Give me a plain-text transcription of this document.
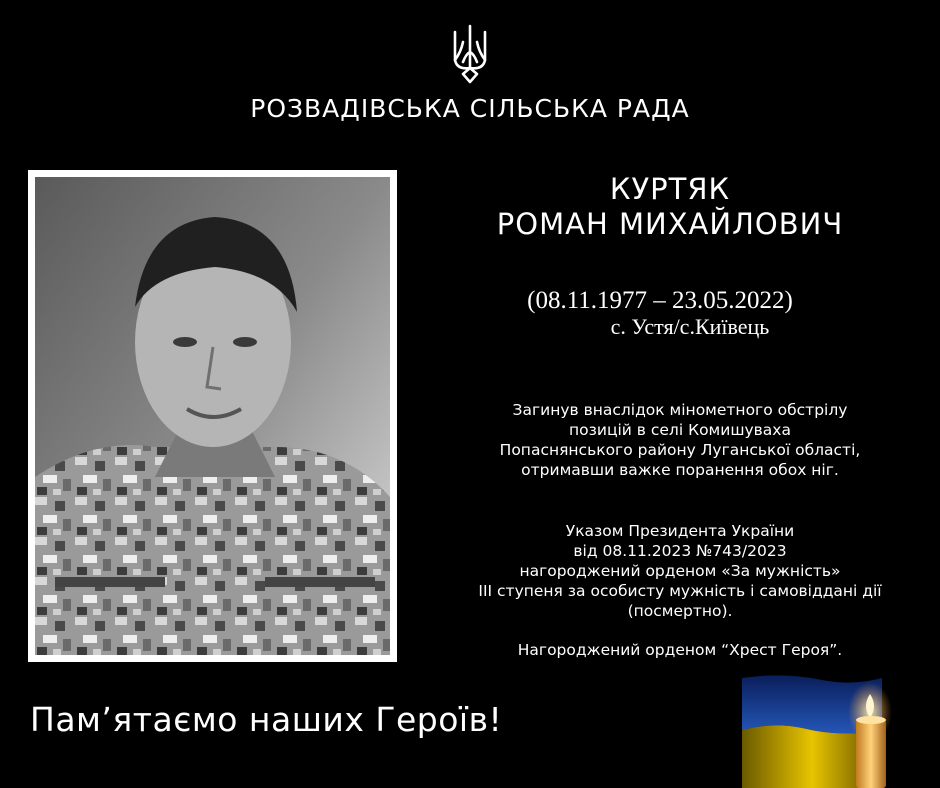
РОЗВАДІВСЬКА СІЛЬСЬКА РАДА
КУРТЯК
РОМАН МИХАЙЛОВИЧ
(08.11.1977 – 23.05.2022)
с. Устя/с.Київець
Загинув внаслідок мінометного обстрілу
позицій в селі Комишуваха
Попаснянського району Луганської області,
отримавши важке поранення обох ніг.
Указом Президента України
від 08.11.2023 №743/2023
нагороджений орденом «За мужність»
ІІІ ступеня за особисту мужність і самовіддані дії
(посмертно).
Нагороджений орденом “Хрест Героя”.
Пам’ятаємо наших Героїв!
